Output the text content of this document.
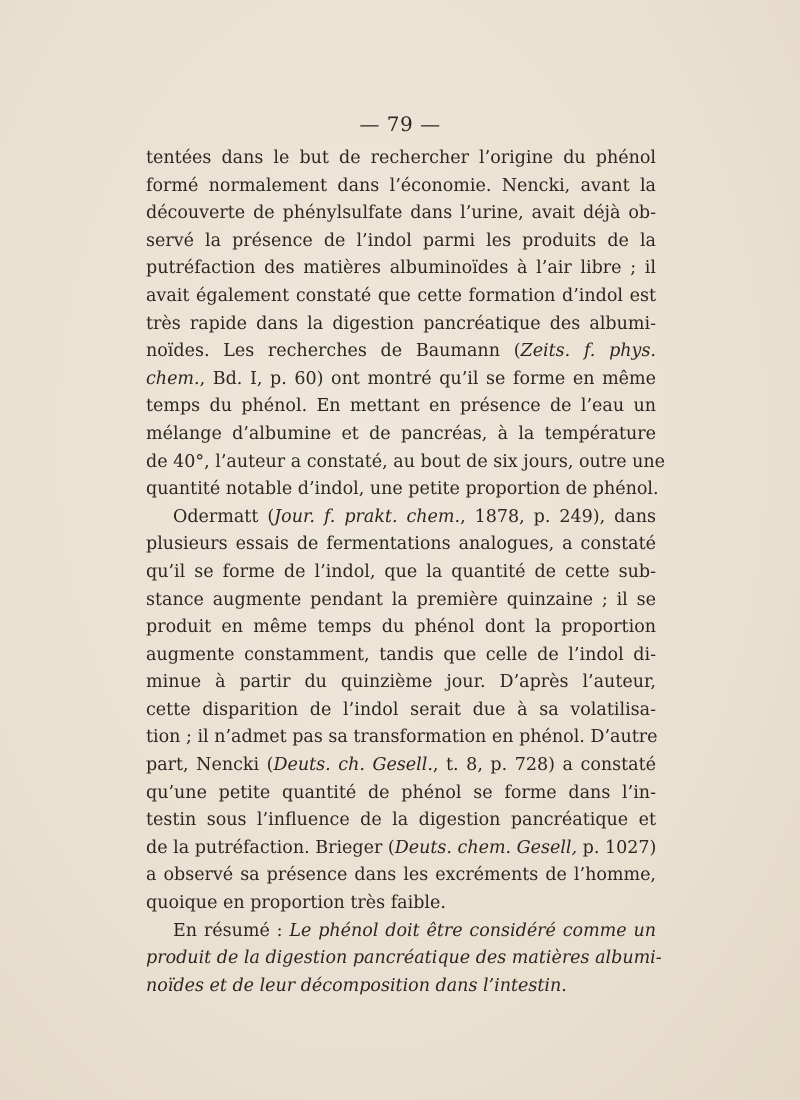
— 79 —
tentées dans le but de rechercher l’origine du phénol
formé normalement dans l’économie. Nencki, avant la
découverte de phénylsulfate dans l’urine, avait déjà ob-
servé la présence de l’indol parmi les produits de la
putréfaction des matières albuminoïdes à l’air libre ; il
avait également constaté que cette formation d’indol est
très rapide dans la digestion pancréatique des albumi-
noïdes. Les recherches de Baumann (Zeits. f. phys.
chem., Bd. I, p. 60) ont montré qu’il se forme en même
temps du phénol. En mettant en présence de l’eau un
mélange d’albumine et de pancréas, à la température
de 40°, l’auteur a constaté, au bout de six jours, outre une
quantité notable d’indol, une petite proportion de phénol.
Odermatt (Jour. f. prakt. chem., 1878, p. 249), dans
plusieurs essais de fermentations analogues, a constaté
qu’il se forme de l’indol, que la quantité de cette sub-
stance augmente pendant la première quinzaine ; il se
produit en même temps du phénol dont la proportion
augmente constamment, tandis que celle de l’indol di-
minue à partir du quinzième jour. D’après l’auteur,
cette disparition de l’indol serait due à sa volatilisa-
tion ; il n’admet pas sa transformation en phénol. D’autre
part, Nencki (Deuts. ch. Gesell., t. 8, p. 728) a constaté
qu’une petite quantité de phénol se forme dans l’in-
testin sous l’influence de la digestion pancréatique et
de la putréfaction. Brieger (Deuts. chem. Gesell, p. 1027)
a observé sa présence dans les excréments de l’homme,
quoique en proportion très faible.
En résumé : Le phénol doit être considéré comme un
produit de la digestion pancréatique des matières albumi-
noïdes et de leur décomposition dans l’intestin.
